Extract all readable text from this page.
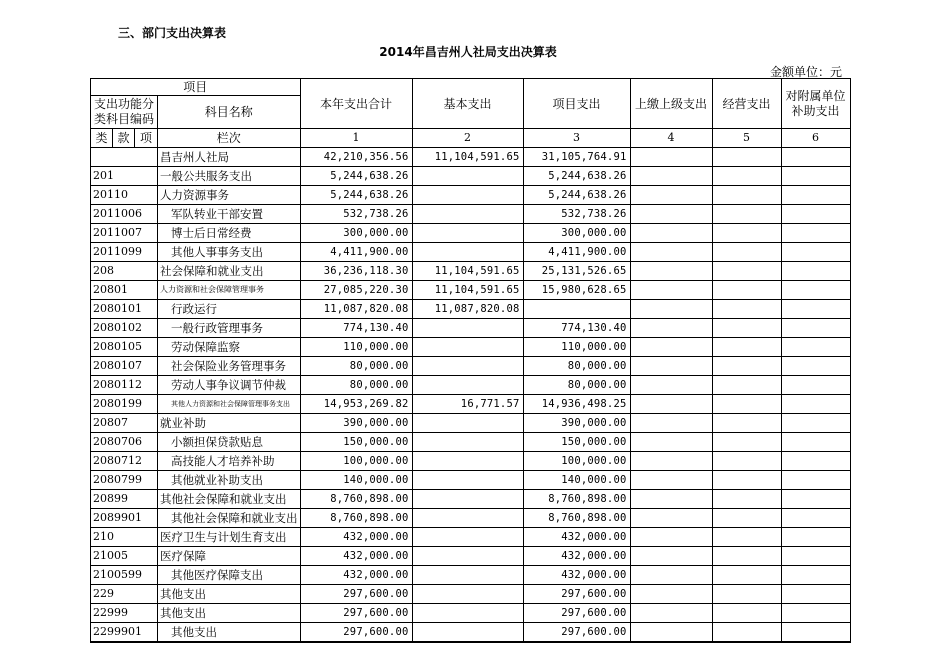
三、部门支出决算表
2014年昌吉州人社局支出决算表
金额单位：元
项目				本年支出合计	基本支出	项目支出	上缴上级支出	经营支出	对附属单位补助支出
支出功能分类科目编码			科目名称						
类	款	项	栏次	1	2	3	4	5	6
			昌吉州人社局	42,210,356.56	11,104,591.65	31,105,764.91			
201			一般公共服务支出	5,244,638.26		5,244,638.26			
20110			人力资源事务	5,244,638.26		5,244,638.26			
2011006			军队转业干部安置	532,738.26		532,738.26			
2011007			博士后日常经费	300,000.00		300,000.00			
2011099			其他人事事务支出	4,411,900.00		4,411,900.00			
208			社会保障和就业支出	36,236,118.30	11,104,591.65	25,131,526.65			
20801			人力资源和社会保障管理事务	27,085,220.30	11,104,591.65	15,980,628.65			
2080101			行政运行	11,087,820.08	11,087,820.08				
2080102			一般行政管理事务	774,130.40		774,130.40			
2080105			劳动保障监察	110,000.00		110,000.00			
2080107			社会保险业务管理事务	80,000.00		80,000.00			
2080112			劳动人事争议调节仲裁	80,000.00		80,000.00			
2080199			其他人力资源和社会保障管理事务支出	14,953,269.82	16,771.57	14,936,498.25			
20807			就业补助	390,000.00		390,000.00			
2080706			小额担保贷款贴息	150,000.00		150,000.00			
2080712			高技能人才培养补助	100,000.00		100,000.00			
2080799			其他就业补助支出	140,000.00		140,000.00			
20899			其他社会保障和就业支出	8,760,898.00		8,760,898.00			
2089901			其他社会保障和就业支出	8,760,898.00		8,760,898.00			
210			医疗卫生与计划生育支出	432,000.00		432,000.00			
21005			医疗保障	432,000.00		432,000.00			
2100599			其他医疗保障支出	432,000.00		432,000.00			
229			其他支出	297,600.00		297,600.00			
22999			其他支出	297,600.00		297,600.00			
2299901			其他支出	297,600.00		297,600.00			
